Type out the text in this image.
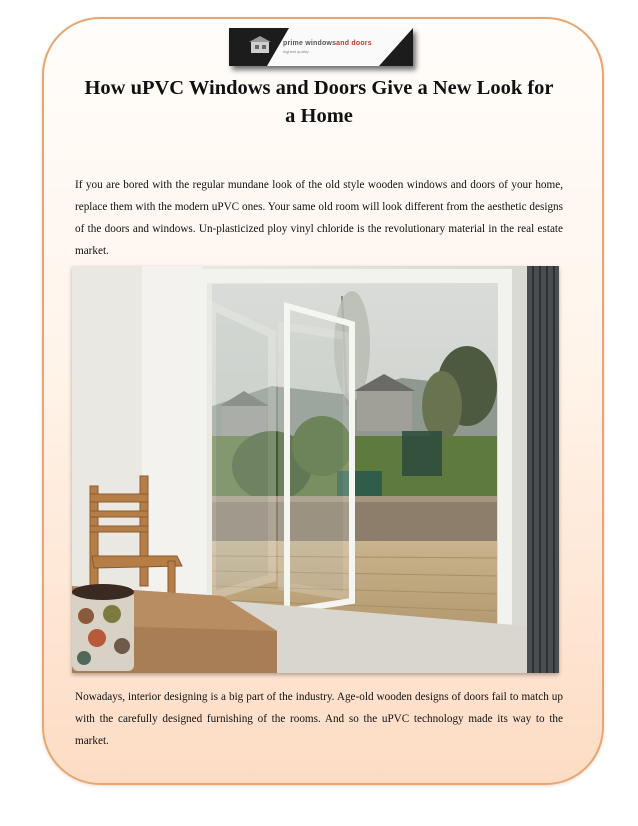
prime windowsand doors
highest quality
How uPVC Windows and Doors Give a New Look for a Home

If you are bored with the regular mundane look of the old style wooden windows and doors of your home, replace them with the modern uPVC ones. Your same old room will look different from the aesthetic designs of the doors and windows. Un-plasticized ploy vinyl chloride is the revolutionary material in the real estate market.

Nowadays, interior designing is a big part of the industry. Age-old wooden designs of doors fail to match up with the carefully designed furnishing of the rooms. And so the uPVC technology made its way to the market.
